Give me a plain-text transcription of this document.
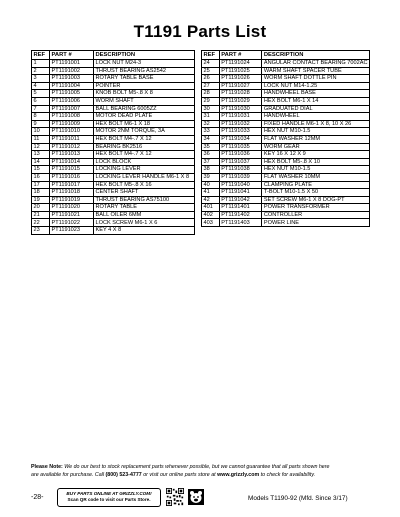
T1191 Parts List
REF	PART #	DESCRIPTION
1	PT1191001	LOCK NUT M24-3
2	PT1191002	THRUST BEARING AS2542
3	PT1191003	ROTARY TABLE BASE
4	PT1191004	POINTER
5	PT1191005	KNOB BOLT M5-.8 X 8
6	PT1191006	WORM SHAFT
7	PT1191007	BALL BEARING 6005ZZ
8	PT1191008	MOTOR DEAD PLATE
9	PT1191009	HEX BOLT M6-1 X 18
10	PT1191010	MOTOR 2NM TORQUE, 3A
11	PT1191011	HEX BOLT M4-.7 X 12
12	PT1191012	BEARING BK2516
13	PT1191013	HEX BOLT M4-.7 X 12
14	PT1191014	LOCK BLOCK
15	PT1191015	LOCKING LEVER
16	PT1191016	LOCKING LEVER HANDLE M6-1 X 8
17	PT1191017	HEX BOLT M5-.8 X 16
18	PT1191018	CENTER SHAFT
19	PT1191019	THRUST BEARING AS75100
20	PT1191020	ROTARY TABLE
21	PT1191021	BALL OILER 6MM
22	PT1191022	LOCK SCREW M6-1 X 6
23	PT1191023	KEY 4 X 8
REF	PART #	DESCRIPTION
24	PT1191024	ANGULAR CONTACT BEARING 7002AC
25	PT1191025	WARM SHAFT SPACER TUBE
26	PT1191026	WORM SHAFT DOTTLE PIN
27	PT1191027	LOCK NUT M14-1.25
28	PT1191028	HANDWHEEL BASE
29	PT1191029	HEX BOLT M6-1 X 14
30	PT1191030	GRADUATED DIAL
31	PT1191031	HANDWHEEL
32	PT1191032	FIXED HANDLE M6-1 X 8, 10 X 26
33	PT1191033	HEX NUT M10-1.5
34	PT1191034	FLAT WASHER 12MM
35	PT1191035	WORM GEAR
36	PT1191036	KEY 16 X 12 X 9
37	PT1191037	HEX BOLT M5-.8 X 10
38	PT1191038	HEX NUT M10-1.5
39	PT1191039	FLAT WASHER 10MM
40	PT1191040	CLAMPING PLATE
41	PT1191041	T-BOLT M10-1.5 X 50
42	PT1191042	SET SCREW M6-1 X 8 DOG-PT
401	PT1191401	POWER TRANSFORMER
402	PT1191402	CONTROLLER
403	PT1191403	POWER LINE
Please Note: We do our best to stock replacement parts whenever possible, but we cannot guarantee that all parts shown here
are available for purchase. Call (800) 523-4777 or visit our online parts store at www.grizzly.com to check for availability.
-28-
BUY PARTS ONLINE AT GRIZZLY.COM!
Scan QR code to visit our Parts Store.	Models T1190-92 (Mfd. Since 3/17)
